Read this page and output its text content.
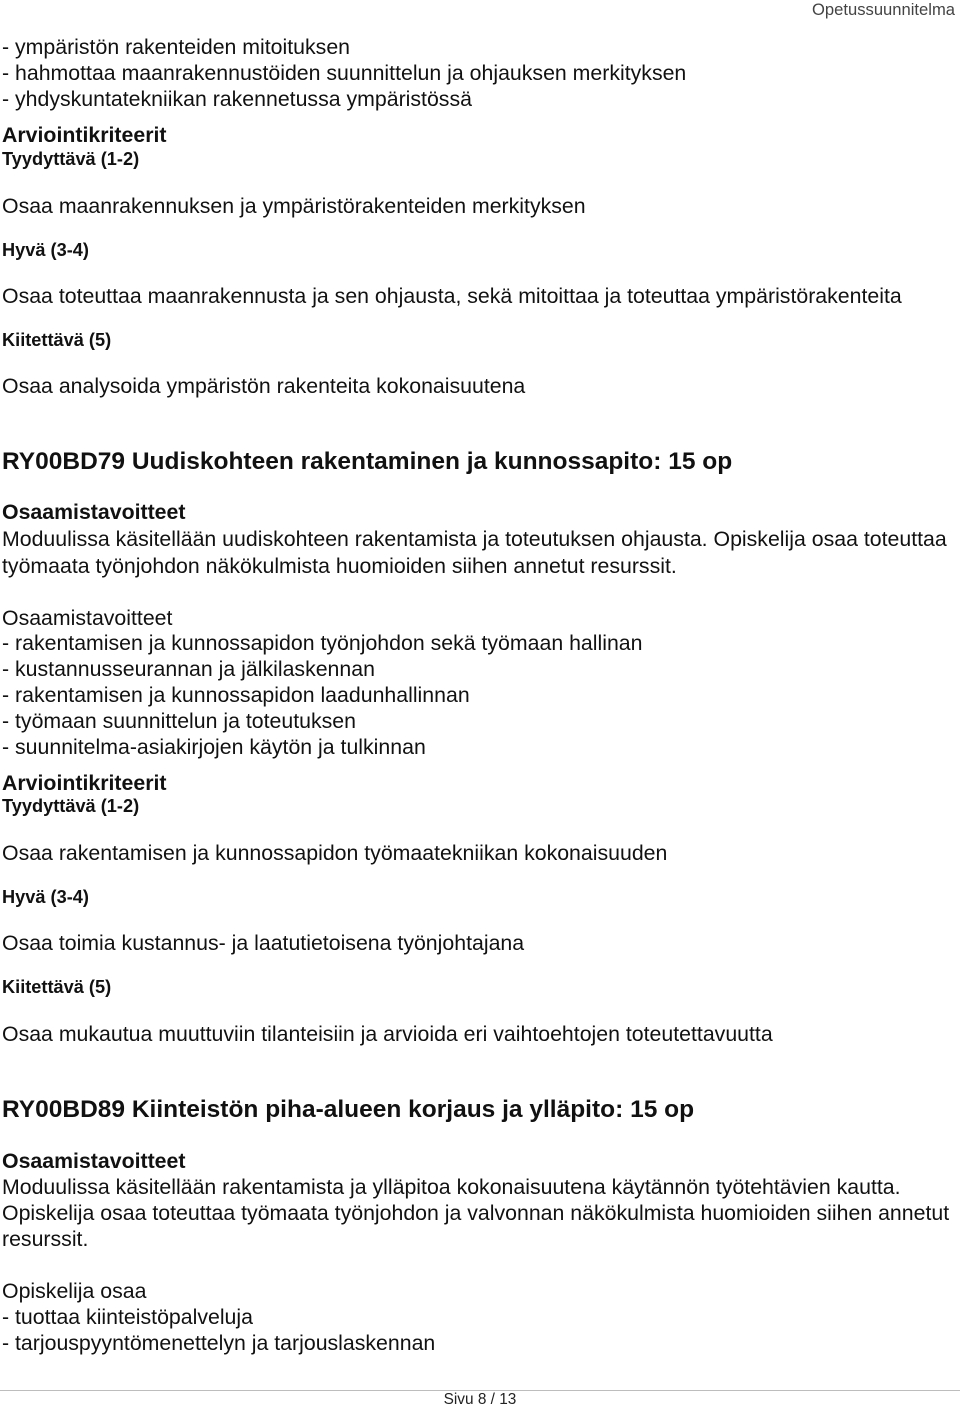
Opetussuunnitelma

- ympäristön rakenteiden mitoituksen

- hahmottaa maanrakennustöiden suunnittelun ja ohjauksen merkityksen

- yhdyskuntatekniikan rakennetussa ympäristössä

Arviointikriteerit

Tyydyttävä (1-2)

Osaa maanrakennuksen ja ympäristörakenteiden merkityksen

Hyvä (3-4)

Osaa toteuttaa maanrakennusta ja sen ohjausta, sekä mitoittaa ja toteuttaa ympäristörakenteita

Kiitettävä (5)

Osaa analysoida ympäristön rakenteita kokonaisuutena

RY00BD79 Uudiskohteen rakentaminen ja kunnossapito: 15 op

Osaamistavoitteet

Moduulissa käsitellään uudiskohteen rakentamista ja toteutuksen ohjausta. Opiskelija osaa toteuttaa

työmaata työnjohdon näkökulmista huomioiden siihen annetut resurssit.

Osaamistavoitteet

- rakentamisen ja kunnossapidon työnjohdon sekä työmaan hallinan

- kustannusseurannan ja jälkilaskennan

- rakentamisen ja kunnossapidon laadunhallinnan

- työmaan suunnittelun ja toteutuksen

- suunnitelma-asiakirjojen käytön ja tulkinnan

Arviointikriteerit

Tyydyttävä (1-2)

Osaa rakentamisen ja kunnossapidon työmaatekniikan kokonaisuuden

Hyvä (3-4)

Osaa toimia kustannus- ja laatutietoisena työnjohtajana

Kiitettävä (5)

Osaa mukautua muuttuviin tilanteisiin ja arvioida eri vaihtoehtojen toteutettavuutta

RY00BD89 Kiinteistön piha-alueen korjaus ja ylläpito: 15 op

Osaamistavoitteet

Moduulissa käsitellään rakentamista ja ylläpitoa kokonaisuutena käytännön työtehtävien kautta.

Opiskelija osaa toteuttaa työmaata työnjohdon ja valvonnan näkökulmista huomioiden siihen annetut

resurssit.

Opiskelija osaa

- tuottaa kiinteistöpalveluja

- tarjouspyyntömenettelyn ja tarjouslaskennan

Sivu 8 / 13
